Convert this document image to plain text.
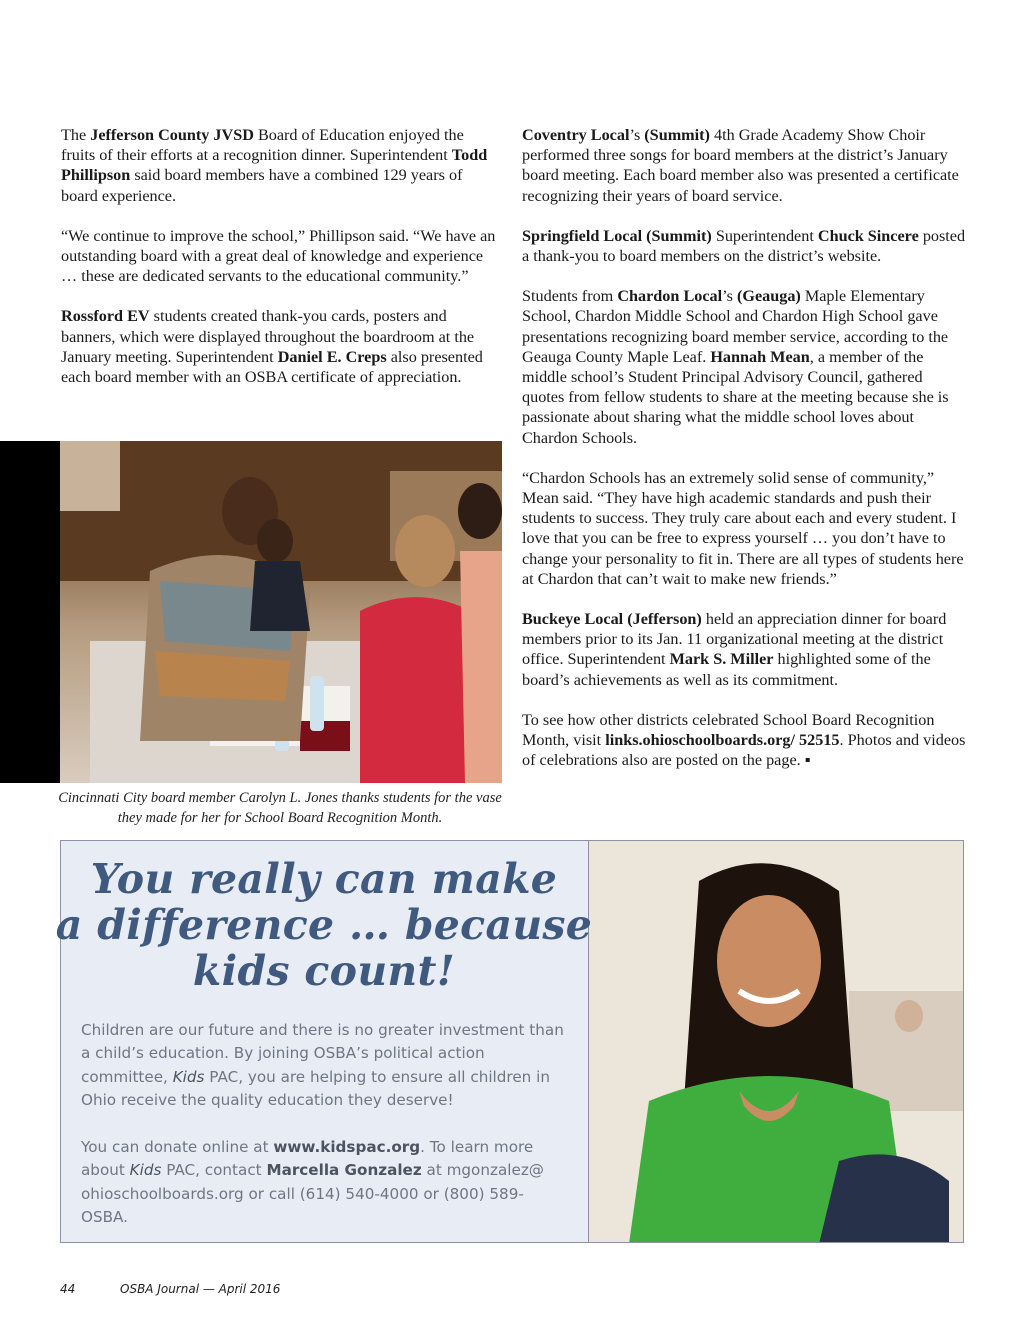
The Jefferson County JVSD Board of Education enjoyed the fruits of their efforts at a recognition dinner. Superintendent Todd Phillipson said board members have a combined 129 years of board experience.

“We continue to improve the school,” Phillipson said. “We have an outstanding board with a great deal of knowledge and experience … these are dedicated servants to the educational community.”

Rossford EV students created thank-you cards, posters and banners, which were displayed throughout the boardroom at the January meeting. Superintendent Daniel E. Creps also presented each board member with an OSBA certificate of appreciation.

Cincinnati City board member Carolyn L. Jones thanks students for the vase they made for her for School Board Recognition Month.

Coventry Local’s (Summit) 4th Grade Academy Show Choir performed three songs for board members at the district’s January board meeting. Each board member also was presented a certificate recognizing their years of board service.

Springfield Local (Summit) Superintendent Chuck Sincere posted a thank-you to board members on the district’s website.

Students from Chardon Local’s (Geauga) Maple Elementary School, Chardon Middle School and Chardon High School gave presentations recognizing board member service, according to the Geauga County Maple Leaf. Hannah Mean, a member of the middle school’s Student Principal Advisory Council, gathered quotes from fellow students to share at the meeting because she is passionate about sharing what the middle school loves about Chardon Schools.

“Chardon Schools has an extremely solid sense of community,” Mean said. “They have high academic standards and push their students to success. They truly care about each and every student. I love that you can be free to express yourself … you don’t have to change your personality to fit in. There are all types of students here at Chardon that can’t wait to make new friends.”

Buckeye Local (Jefferson) held an appreciation dinner for board members prior to its Jan. 11 organizational meeting at the district office. Superintendent Mark S. Miller highlighted some of the board’s achievements as well as its commitment.

To see how other districts celebrated School Board Recognition Month, visit links.ohioschoolboards.org/ 52515. Photos and videos of celebrations also are posted on the page. ▪

You really can make
a difference … because
kids count!
Children are our future and there is no greater investment than a child’s education. By joining OSBA’s political action committee, Kids PAC, you are helping to ensure all children in Ohio receive the quality education they deserve!
You can donate online at www.kidspac.org. To learn more about Kids PAC, contact Marcella Gonzalez at mgonzalez@ ohioschoolboards.org or call (614) 540-4000 or (800) 589-OSBA.
44	OSBA Journal — April 2016
